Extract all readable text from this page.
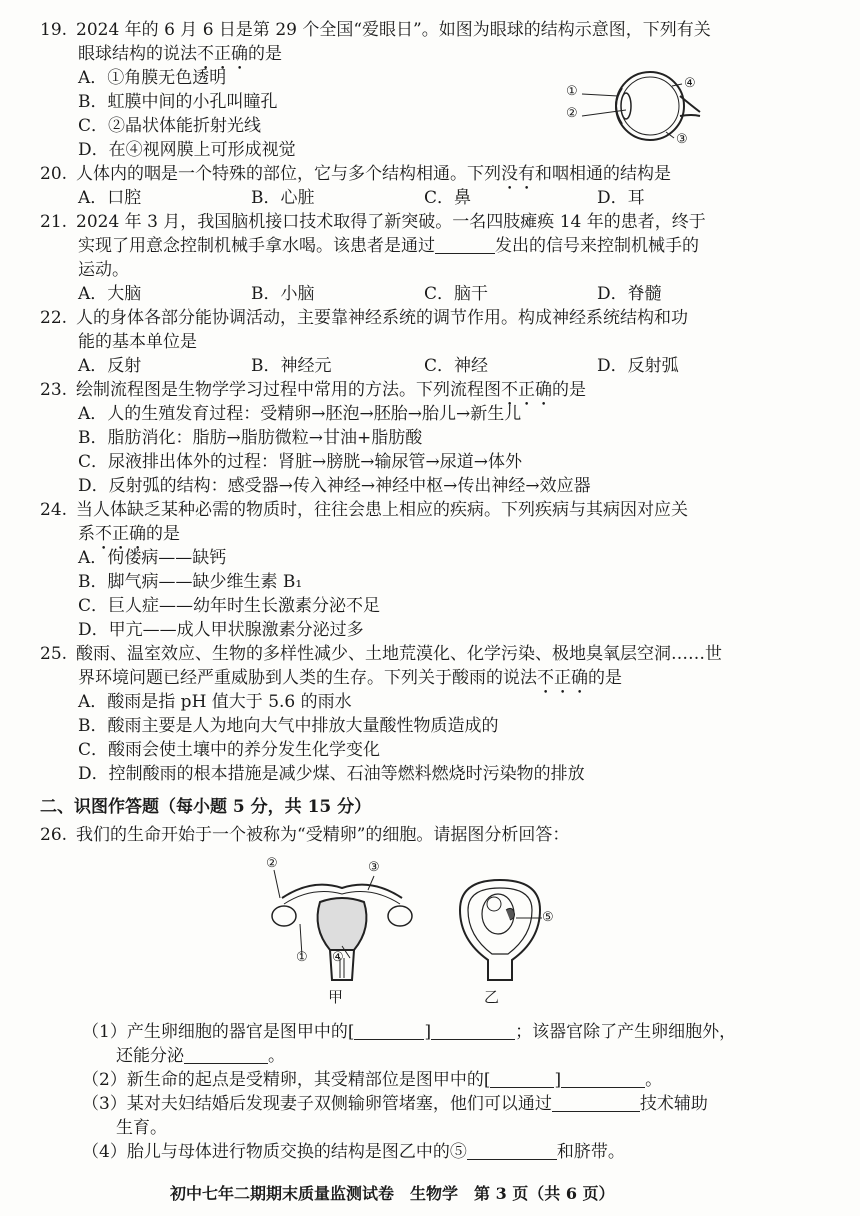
19. 2024 年的 6 月 6 日是第 29 个全国“爱眼日”。如图为眼球的结构示意图，下列有关
眼球结构的说法不正确的是
A．①角膜无色透明
B．虹膜中间的小孔叫瞳孔
C．②晶状体能折射光线
D．在④视网膜上可形成视觉
①
②
③
④
20. 人体内的咽是一个特殊的部位，它与多个结构相通。下列没有和咽相通的结构是
A．口腔	B．心脏	C．鼻	D．耳
21. 2024 年 3 月，我国脑机接口技术取得了新突破。一名四肢瘫痪 14 年的患者，终于
实现了用意念控制机械手拿水喝。该患者是通过	发出的信号来控制机械手的
运动。
A．大脑	B．小脑	C．脑干	D．脊髓
22. 人的身体各部分能协调活动，主要靠神经系统的调节作用。构成神经系统结构和功
能的基本单位是
A．反射	B．神经元	C．神经	D．反射弧
23. 绘制流程图是生物学学习过程中常用的方法。下列流程图不正确的是
A．人的生殖发育过程：受精卵→胚泡→胚胎→胎儿→新生儿
B．脂肪消化：脂肪→脂肪微粒→甘油+脂肪酸
C．尿液排出体外的过程：肾脏→膀胱→输尿管→尿道→体外
D．反射弧的结构：感受器→传入神经→神经中枢→传出神经→效应器
24. 当人体缺乏某种必需的物质时，往往会患上相应的疾病。下列疾病与其病因对应关
系不正确的是
A．佝偻病——缺钙
B．脚气病——缺少维生素 B₁
C．巨人症——幼年时生长激素分泌不足
D．甲亢——成人甲状腺激素分泌过多
25. 酸雨、温室效应、生物的多样性减少、土地荒漠化、化学污染、极地臭氧层空洞……世
界环境问题已经严重威胁到人类的生存。下列关于酸雨的说法不正确的是
A．酸雨是指 pH 值大于 5.6 的雨水
B．酸雨主要是人为地向大气中排放大量酸性物质造成的
C．酸雨会使土壤中的养分发生化学变化
D．控制酸雨的根本措施是减少煤、石油等燃料燃烧时污染物的排放
二、识图作答题（每小题 5 分，共 15 分）
26. 我们的生命开始于一个被称为“受精卵”的细胞。请据图分析回答：
②	③
① ④
甲
⑤
乙
（1）产生卵细胞的器官是图甲中的[	]	；该器官除了产生卵细胞外，
还能分泌	。
（2）新生命的起点是受精卵，其受精部位是图甲中的[	]	。
（3）某对夫妇结婚后发现妻子双侧输卵管堵塞，他们可以通过	技术辅助
生育。
（4）胎儿与母体进行物质交换的结构是图乙中的⑤	和脐带。
初中七年二期期末质量监测试卷　生物学　第 3 页（共 6 页）
